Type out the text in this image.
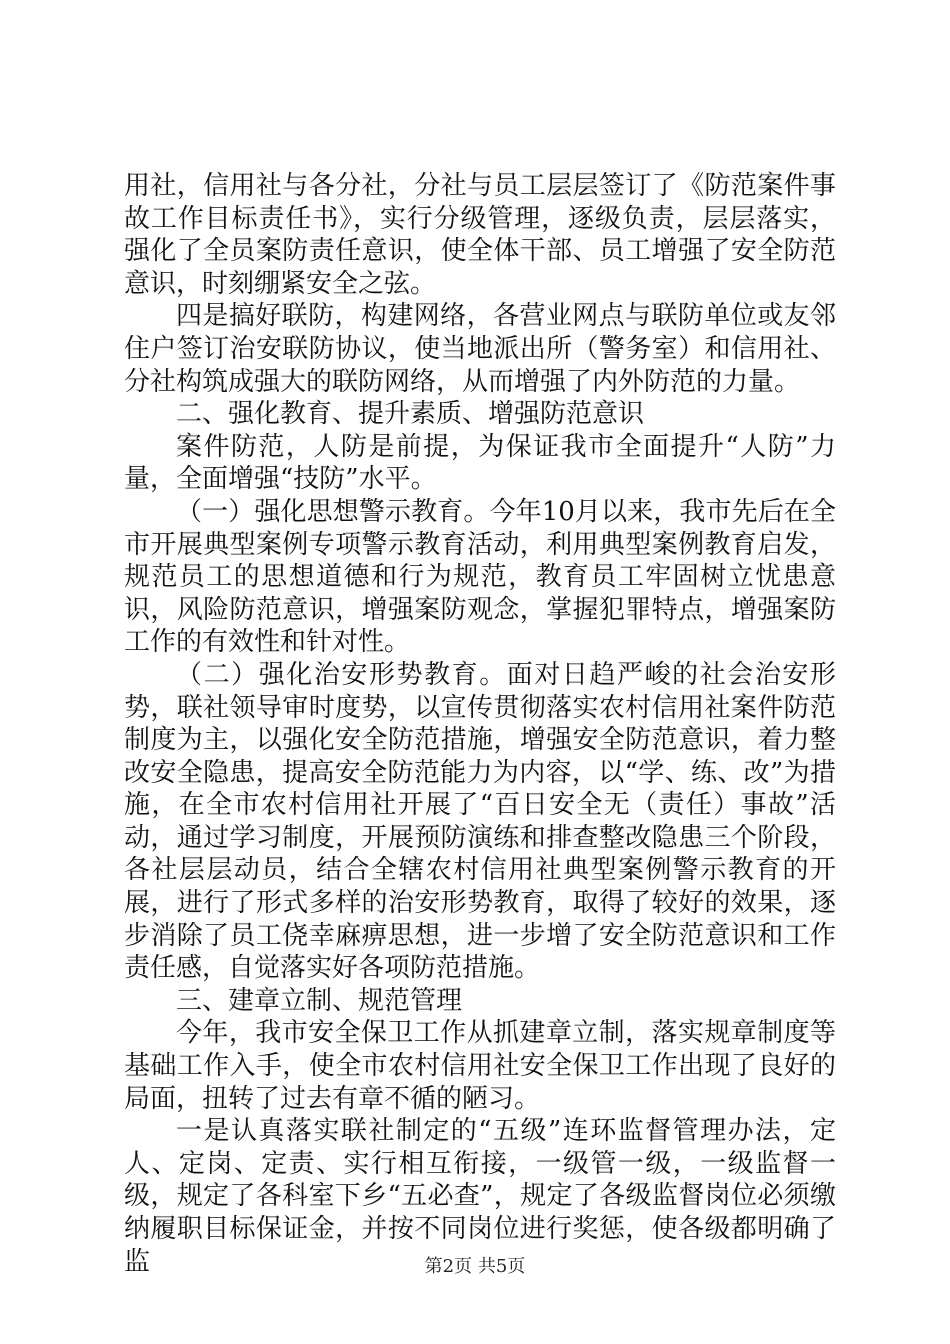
用社，信用社与各分社，分社与员工层层签订了《防范案件事故工作目标责任书》，实行分级管理，逐级负责，层层落实，强化了全员案防责任意识，使全体干部、员工增强了安全防范意识，时刻绷紧安全之弦。

四是搞好联防，构建网络，各营业网点与联防单位或友邻住户签订治安联防协议，使当地派出所（警务室）和信用社、分社构筑成强大的联防网络，从而增强了内外防范的力量。

二、强化教育、提升素质、增强防范意识

案件防范，人防是前提，为保证我市全面提升“人防”力量，全面增强“技防”水平。

（一）强化思想警示教育。今年10月以来，我市先后在全市开展典型案例专项警示教育活动，利用典型案例教育启发，规范员工的思想道德和行为规范，教育员工牢固树立忧患意识，风险防范意识，增强案防观念，掌握犯罪特点，增强案防工作的有效性和针对性。

（二）强化治安形势教育。面对日趋严峻的社会治安形势，联社领导审时度势，以宣传贯彻落实农村信用社案件防范制度为主，以强化安全防范措施，增强安全防范意识，着力整改安全隐患，提高安全防范能力为内容，以“学、练、改”为措施，在全市农村信用社开展了“百日安全无（责任）事故”活动，通过学习制度，开展预防演练和排查整改隐患三个阶段，各社层层动员，结合全辖农村信用社典型案例警示教育的开展，进行了形式多样的治安形势教育，取得了较好的效果，逐步消除了员工侥幸麻痹思想，进一步增了安全防范意识和工作责任感，自觉落实好各项防范措施。

三、建章立制、规范管理

今年，我市安全保卫工作从抓建章立制，落实规章制度等基础工作入手，使全市农村信用社安全保卫工作出现了良好的局面，扭转了过去有章不循的陋习。

一是认真落实联社制定的“五级”连环监督管理办法，定人、定岗、定责、实行相互衔接，一级管一级，一级监督一级，规定了各科室下乡“五必查”，规定了各级监督岗位必须缴纳履职目标保证金，并按不同岗位进行奖惩，使各级都明确了监	第2页 共5页
